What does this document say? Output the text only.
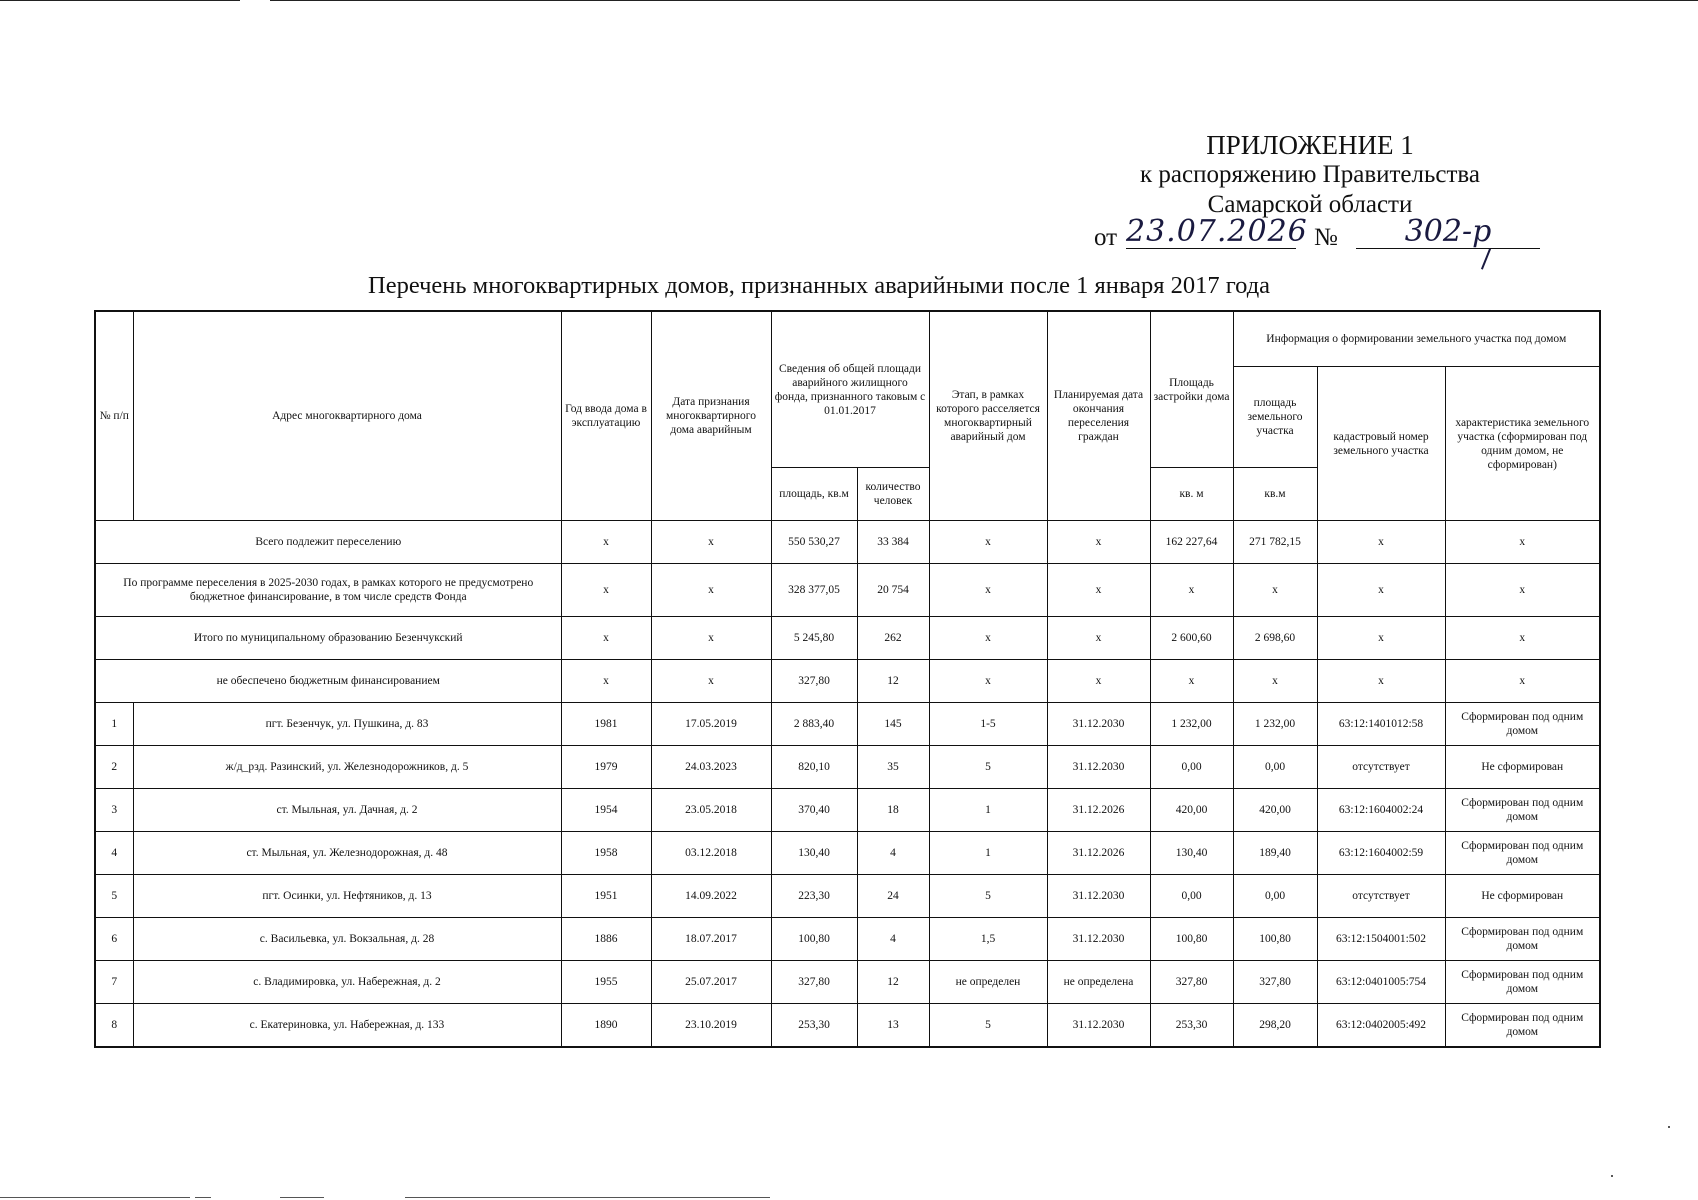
ПРИЛОЖЕНИЕ 1
к распоряжению Правительства
Самарской области
от 23.07.2026 №	302-р
Перечень многоквартирных домов, признанных аварийными после 1 января 2017 года
№ п/п	Адрес многоквартирного дома	Год ввода дома в эксплуатацию	Дата признания многоквартирного дома аварийным	Сведения об общей площади аварийного жилищного фонда, признанного таковым с 01.01.2017		Этап, в рамках которого расселяется многоквартирный аварийный дом	Планируемая дата окончания переселения граждан	Площадь застройки дома	Информация о формировании земельного участка под домом		
									площадь земельного участка	кадастровый номер земельного участка	характеристика земельного участка (сформирован под одним домом, не сформирован)
				площадь, кв.м	количество человек			кв. м	кв.м		
Всего подлежит переселению		x	x	550 530,27	33 384	x	x	162 227,64	271 782,15	x	x
По программе переселения в 2025-2030 годах, в рамках которого не предусмотрено бюджетное финансирование, в том числе средств Фонда		x	x	328 377,05	20 754	x	x	x	x	x	x
Итого по муниципальному образованию Безенчукский		x	x	5 245,80	262	x	x	2 600,60	2 698,60	x	x
не обеспечено бюджетным финансированием		x	x	327,80	12	x	x	x	x	x	x
1	пгт. Безенчук, ул. Пушкина, д. 83	1981	17.05.2019	2 883,40	145	1-5	31.12.2030	1 232,00	1 232,00	63:12:1401012:58	Сформирован под одним домом
2	ж/д_рзд. Разинский, ул. Железнодорожников, д. 5	1979	24.03.2023	820,10	35	5	31.12.2030	0,00	0,00	отсутствует	Не сформирован
3	ст. Мыльная, ул. Дачная, д. 2	1954	23.05.2018	370,40	18	1	31.12.2026	420,00	420,00	63:12:1604002:24	Сформирован под одним домом
4	ст. Мыльная, ул. Железнодорожная, д. 48	1958	03.12.2018	130,40	4	1	31.12.2026	130,40	189,40	63:12:1604002:59	Сформирован под одним домом
5	пгт. Осинки, ул. Нефтяников, д. 13	1951	14.09.2022	223,30	24	5	31.12.2030	0,00	0,00	отсутствует	Не сформирован
6	с. Васильевка, ул. Вокзальная, д. 28	1886	18.07.2017	100,80	4	1,5	31.12.2030	100,80	100,80	63:12:1504001:502	Сформирован под одним домом
7	с. Владимировка, ул. Набережная, д. 2	1955	25.07.2017	327,80	12	не определен	не определена	327,80	327,80	63:12:0401005:754	Сформирован под одним домом
8	с. Екатериновка, ул. Набережная, д. 133	1890	23.10.2019	253,30	13	5	31.12.2030	253,30	298,20	63:12:0402005:492	Сформирован под одним домом
